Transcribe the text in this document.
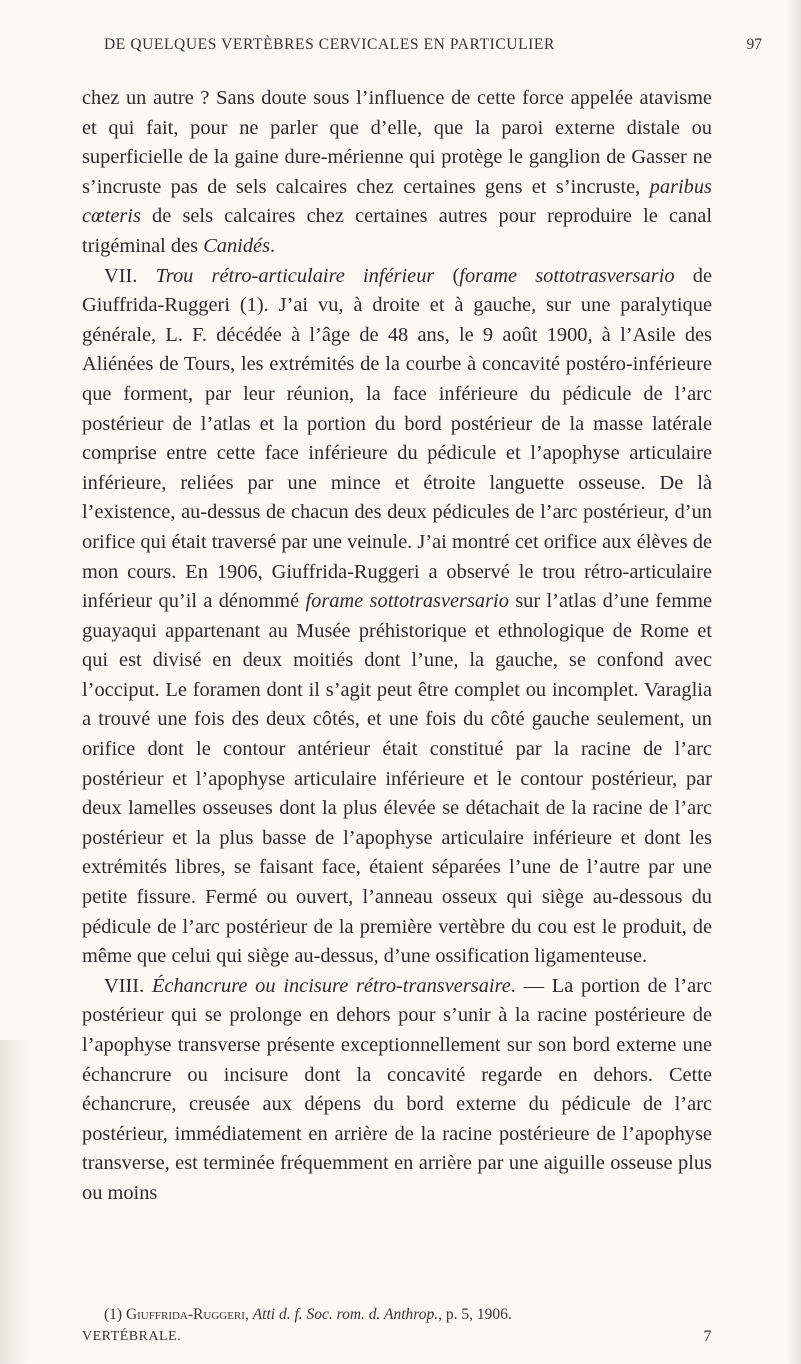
DE QUELQUES VERTÈBRES CERVICALES EN PARTICULIER	97

chez un autre ? Sans doute sous l’influence de cette force appelée atavisme et qui fait, pour ne parler que d’elle, que la paroi externe distale ou superficielle de la gaine dure-mérienne qui protège le ganglion de Gasser ne s’incruste pas de sels calcaires chez certaines gens et s’incruste, paribus cœteris de sels calcaires chez certaines autres pour reproduire le canal trigéminal des Canidés.

VII. Trou rétro-articulaire inférieur (forame sottotrasversario de Giuffrida-Ruggeri (1). J’ai vu, à droite et à gauche, sur une paralytique générale, L. F. décédée à l’âge de 48 ans, le 9 août 1900, à l’Asile des Aliénées de Tours, les extrémités de la courbe à concavité postéro-inférieure que forment, par leur réunion, la face inférieure du pédicule de l’arc postérieur de l’atlas et la portion du bord postérieur de la masse latérale comprise entre cette face inférieure du pédicule et l’apophyse articulaire inférieure, reliées par une mince et étroite languette osseuse. De là l’existence, au-dessus de chacun des deux pédicules de l’arc postérieur, d’un orifice qui était traversé par une veinule. J’ai montré cet orifice aux élèves de mon cours. En 1906, Giuffrida-Ruggeri a observé le trou rétro-articulaire inférieur qu’il a dénommé forame sottotrasversario sur l’atlas d’une femme guayaqui appartenant au Musée préhistorique et ethnologique de Rome et qui est divisé en deux moitiés dont l’une, la gauche, se confond avec l’occiput. Le foramen dont il s’agit peut être complet ou incomplet. Varaglia a trouvé une fois des deux côtés, et une fois du côté gauche seulement, un orifice dont le contour antérieur était constitué par la racine de l’arc postérieur et l’apophyse articulaire inférieure et le contour postérieur, par deux lamelles osseuses dont la plus élevée se détachait de la racine de l’arc postérieur et la plus basse de l’apophyse articulaire inférieure et dont les extrémités libres, se faisant face, étaient séparées l’une de l’autre par une petite fissure. Fermé ou ouvert, l’anneau osseux qui siège au-dessous du pédicule de l’arc postérieur de la première vertèbre du cou est le produit, de même que celui qui siège au-dessus, d’une ossification ligamenteuse.

VIII. Échancrure ou incisure rétro-transversaire. — La portion de l’arc postérieur qui se prolonge en dehors pour s’unir à la racine postérieure de l’apophyse transverse présente exceptionnellement sur son bord externe une échancrure ou incisure dont la concavité regarde en dehors. Cette échancrure, creusée aux dépens du bord externe du pédicule de l’arc postérieur, immédiatement en arrière de la racine postérieure de l’apophyse transverse, est terminée fréquemment en arrière par une aiguille osseuse plus ou moins

(1) Giuffrida-Ruggeri, Atti d. f. Soc. rom. d. Anthrop., p. 5, 1906.
VERTÉBRALE.	7
